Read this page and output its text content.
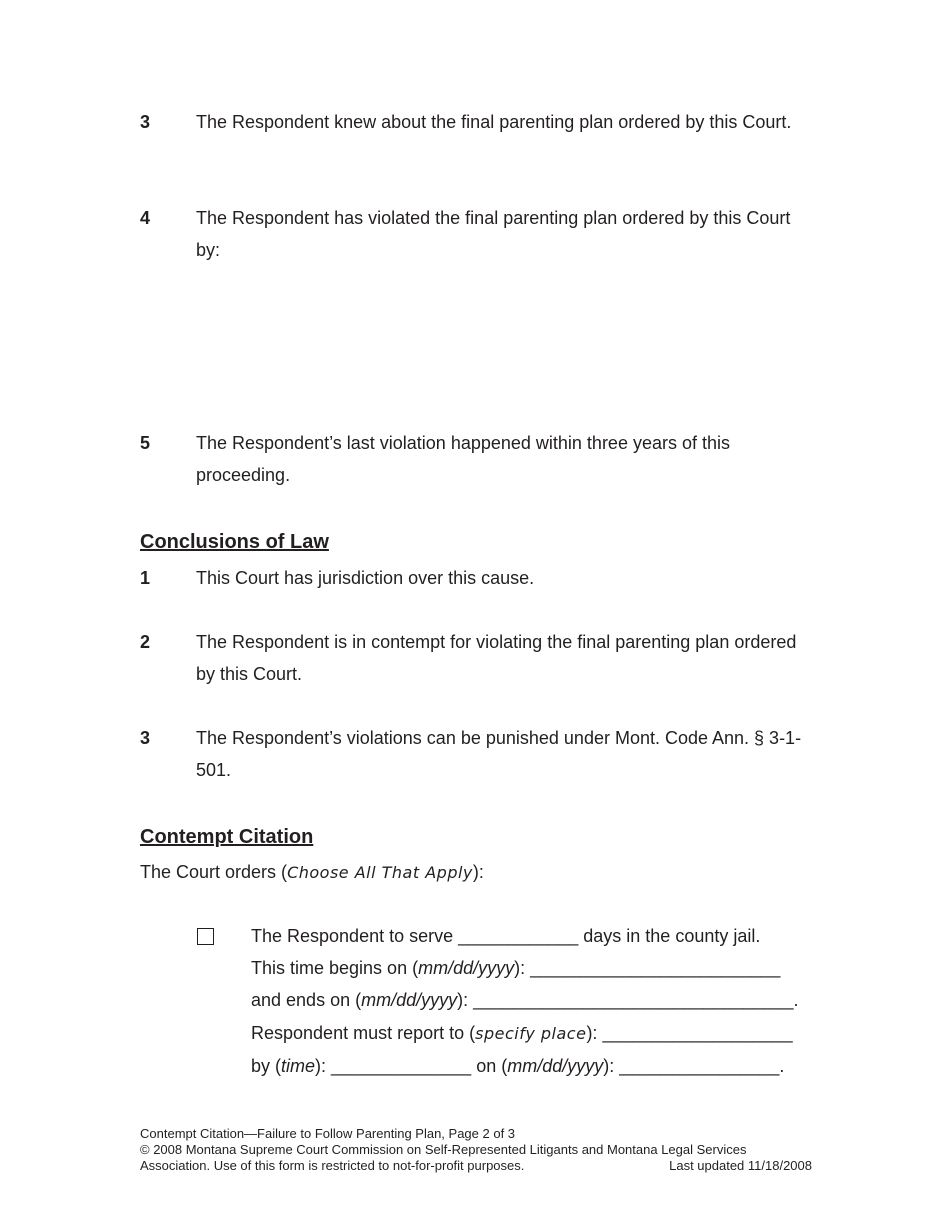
3	The Respondent knew about the final parenting plan ordered by this Court.
4	The Respondent has violated the final parenting plan ordered by this Court by:
5	The Respondent’s last violation happened within three years of this proceeding.
Conclusions of Law
1	This Court has jurisdiction over this cause.
2	The Respondent is in contempt for violating the final parenting plan ordered by this Court.
3	The Respondent’s violations can be punished under Mont. Code Ann. § 3-1-501.
Contempt Citation
The Court orders (Choose All That Apply):
The Respondent to serve ____________ days in the county jail.
This time begins on (mm/dd/yyyy): _________________________
and ends on (mm/dd/yyyy): ________________________________.
Respondent must report to (specify place): ___________________
by (time): ______________ on (mm/dd/yyyy): ________________.
Contempt Citation—Failure to Follow Parenting Plan, Page 2 of 3
© 2008 Montana Supreme Court Commission on Self-Represented Litigants and Montana Legal Services
Association. Use of this form is restricted to not-for-profit purposes.	Last updated 11/18/2008
